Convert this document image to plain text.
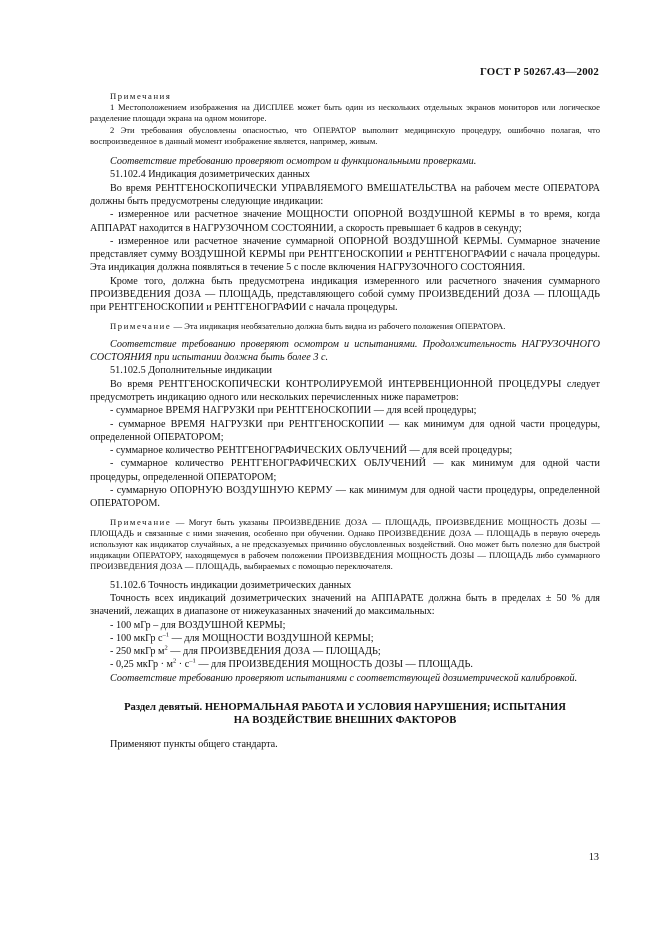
ГОСТ Р 50267.43—2002

Примечания

1 Местоположением изображения на ДИСПЛЕЕ может быть один из нескольких отдельных экранов мониторов или логическое разделение площади экрана на одном мониторе.

2 Эти требования обусловлены опасностью, что ОПЕРАТОР выполнит медицинскую процедуру, ошибочно полагая, что воспроизведенное в данный момент изображение является, например, живым.

Соответствие требованию проверяют осмотром и функциональными проверками.

51.102.4 Индикация дозиметрических данных

Во время РЕНТГЕНОСКОПИЧЕСКИ УПРАВЛЯЕМОГО ВМЕШАТЕЛЬСТВА на рабочем месте ОПЕРАТОРА должны быть предусмотрены следующие индикации:

- измеренное или расчетное значение МОЩНОСТИ ОПОРНОЙ ВОЗДУШНОЙ КЕРМЫ в то время, когда АППАРАТ находится в НАГРУЗОЧНОМ СОСТОЯНИИ, а скорость превышает 6 кадров в секунду;

- измеренное или расчетное значение суммарной ОПОРНОЙ ВОЗДУШНОЙ КЕРМЫ. Суммарное значение представляет сумму ВОЗДУШНОЙ КЕРМЫ при РЕНТГЕНОСКОПИИ и РЕНТГЕНОГРАФИИ с начала процедуры. Эта индикация должна появляться в течение 5 с после включения НАГРУЗОЧНОГО СОСТОЯНИЯ.

Кроме того, должна быть предусмотрена индикация измеренного или расчетного значения суммарного ПРОИЗВЕДЕНИЯ ДОЗА — ПЛОЩАДЬ, представляющего собой сумму ПРОИЗВЕДЕНИЙ ДОЗА — ПЛОЩАДЬ при РЕНТГЕНОСКОПИИ и РЕНТГЕНОГРАФИИ с начала процедуры.

Примечание — Эта индикация необязательно должна быть видна из рабочего положения ОПЕРАТОРА.

Соответствие требованию проверяют осмотром и испытаниями. Продолжительность НАГРУЗОЧНОГО СОСТОЯНИЯ при испытании должна быть более 3 с.

51.102.5 Дополнительные индикации

Во время РЕНТГЕНОСКОПИЧЕСКИ КОНТРОЛИРУЕМОЙ ИНТЕРВЕНЦИОННОЙ ПРОЦЕДУРЫ следует предусмотреть индикацию одного или нескольких перечисленных ниже параметров:

- суммарное ВРЕМЯ НАГРУЗКИ при РЕНТГЕНОСКОПИИ — для всей процедуры;

- суммарное ВРЕМЯ НАГРУЗКИ при РЕНТГЕНОСКОПИИ — как минимум для одной части процедуры, определенной ОПЕРАТОРОМ;

- суммарное количество РЕНТГЕНОГРАФИЧЕСКИХ ОБЛУЧЕНИЙ — для всей процедуры;

- суммарное количество РЕНТГЕНОГРАФИЧЕСКИХ ОБЛУЧЕНИЙ — как минимум для одной части процедуры, определенной ОПЕРАТОРОМ;

- суммарную ОПОРНУЮ ВОЗДУШНУЮ КЕРМУ — как минимум для одной части процедуры, определенной ОПЕРАТОРОМ.

Примечание — Могут быть указаны ПРОИЗВЕДЕНИЕ ДОЗА — ПЛОЩАДЬ, ПРОИЗВЕДЕНИЕ МОЩНОСТЬ ДОЗЫ — ПЛОЩАДЬ и связанные с ними значения, особенно при обучении. Однако ПРОИЗВЕДЕНИЕ ДОЗА — ПЛОЩАДЬ в первую очередь используют как индикатор случайных, а не предсказуемых причинно обусловленных воздействий. Оно может быть полезно для быстрой индикации ОПЕРАТОРУ, находящемуся в рабочем положении ПРОИЗВЕДЕНИЯ МОЩНОСТЬ ДОЗЫ — ПЛОЩАДЬ либо суммарного ПРОИЗВЕДЕНИЯ ДОЗА — ПЛОЩАДЬ, выбираемых с помощью переключателя.

51.102.6 Точность индикации дозиметрических данных

Точность всех индикаций дозиметрических значений на АППАРАТЕ должна быть в пределах ± 50 % для значений, лежащих в диапазоне от нижеуказанных значений до максимальных:

- 100 мГр – для ВОЗДУШНОЙ КЕРМЫ;

- 100 мкГр $с^{-1}$ — для МОЩНОСТИ ВОЗДУШНОЙ КЕРМЫ;

- 250 мкГр $м^2$ — для ПРОИЗВЕДЕНИЯ ДОЗА — ПЛОЩАДЬ;

- 0,25 мкГр · $м^2 \cdot с^{-1}$ — для ПРОИЗВЕДЕНИЯ МОЩНОСТЬ ДОЗЫ — ПЛОЩАДЬ.

Соответствие требованию проверяют испытаниями с соответствующей дозиметрической калибровкой.

Раздел девятый. НЕНОРМАЛЬНАЯ РАБОТА И УСЛОВИЯ НАРУШЕНИЯ; ИСПЫТАНИЯ
НА ВОЗДЕЙСТВИЕ ВНЕШНИХ ФАКТОРОВ

Применяют пункты общего стандарта.

13
